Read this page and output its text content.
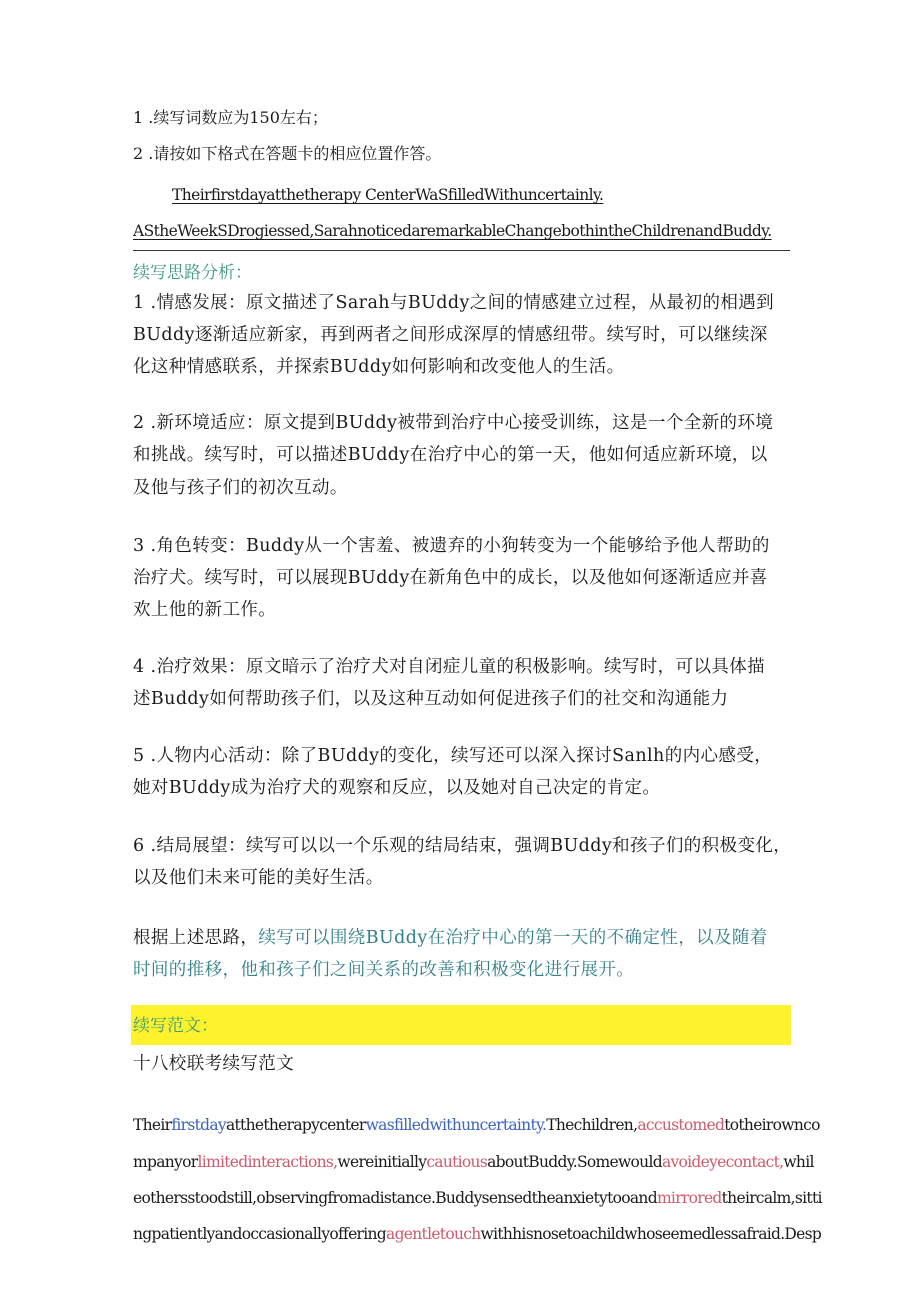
1 .续写词数应为150左右；
2 .请按如下格式在答题卡的相应位置作答。
Theirfirstdayatthetherapy CenterWaSfilledWithuncertainly.
AStheWeekSDrogiessed,SarahnoticedaremarkableChangebothintheChildrenandBuddy.
续写思路分析：
1 .情感发展：原文描述了Sarah与BUddy之间的情感建立过程，从最初的相遇到
BUddy逐渐适应新家，再到两者之间形成深厚的情感纽带。续写时，可以继续深
化这种情感联系，并探索BUddy如何影响和改变他人的生活。
2 .新环境适应：原文提到BUddy被带到治疗中心接受训练，这是一个全新的环境
和挑战。续写时，可以描述BUddy在治疗中心的第一天，他如何适应新环境，以
及他与孩子们的初次互动。
3 .角色转变：Buddy从一个害羞、被遗弃的小狗转变为一个能够给予他人帮助的
治疗犬。续写时，可以展现BUddy在新角色中的成长，以及他如何逐渐适应并喜
欢上他的新工作。
4 .治疗效果：原文暗示了治疗犬对自闭症儿童的积极影响。续写时，可以具体描
述Buddy如何帮助孩子们，以及这种互动如何促进孩子们的社交和沟通能力
5 .人物内心活动：除了BUddy的变化，续写还可以深入探讨Sanlh的内心感受，
她对BUddy成为治疗犬的观察和反应，以及她对自己决定的肯定。
6 .结局展望：续写可以以一个乐观的结局结束，强调BUddy和孩子们的积极变化，
以及他们未来可能的美好生活。
根据上述思路，续写可以围绕BUddy在治疗中心的第一天的不确定性，以及随着
时间的推移，他和孩子们之间关系的改善和积极变化进行展开。
续写范文：
十八校联考续写范文
Theirfirstdayatthetherapycenterwasfilledwithuncertainty.Thechildren,accustomedtotheirownco
mpanyorlimitedinteractions,wereinitiallycautiousaboutBuddy.Somewouldavoideyecontact,whil
eothersstoodstill,observingfromadistance.Buddysensedtheanxietytooandmirroredtheircalm,sitti
ngpatientlyandoccasionallyofferingagentletouchwithhisnosetoachildwhoseemedlessafraid.Desp
